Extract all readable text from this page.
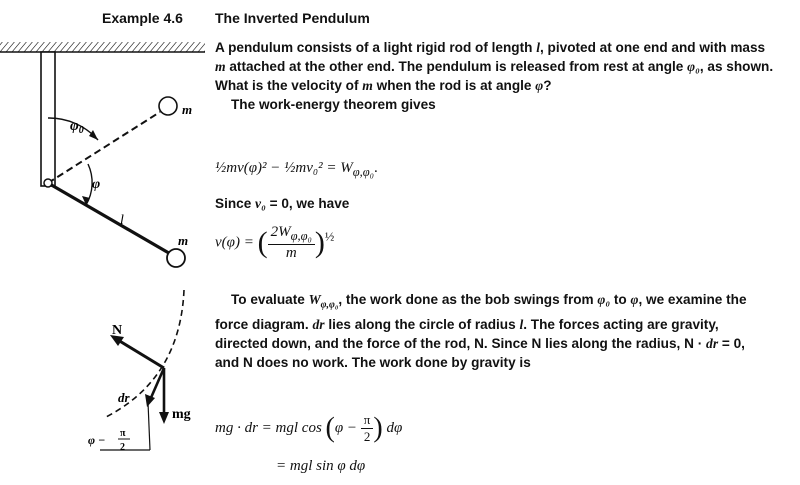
Example 4.6 The Inverted Pendulum
$\varphi_0$
φ
l
m
m
N
dr
mg
φ − π
2

A pendulum consists of a light rigid rod of length l, pivoted at one end and with mass m attached at the other end. The pendulum is released from rest at angle φ₀, as shown. What is the velocity of m when the rod is at angle φ?

The work-energy theorem gives

½mv(φ)² − ½mv₀² = $W_{\varphi,\varphi_0}$.
Since v₀ = 0, we have
v(φ) = ( $\frac{2W_{\varphi,\varphi_0}}{m} )^{\frac{1}{2}}$
To evaluate $W_{\varphi,\varphi_0}$, the work done as the bob swings from φ₀ to φ, we examine the force diagram. dr lies along the circle of radius l. The forces acting are gravity, directed down, and the force of the rod, N. Since N lies along the radius, N · dr = 0, and N does no work. The work done by gravity is
mg · dr = mgl $\cos (\varphi - \frac{\pi}{2}$ ) dφ
= mgl sin φ dφ
